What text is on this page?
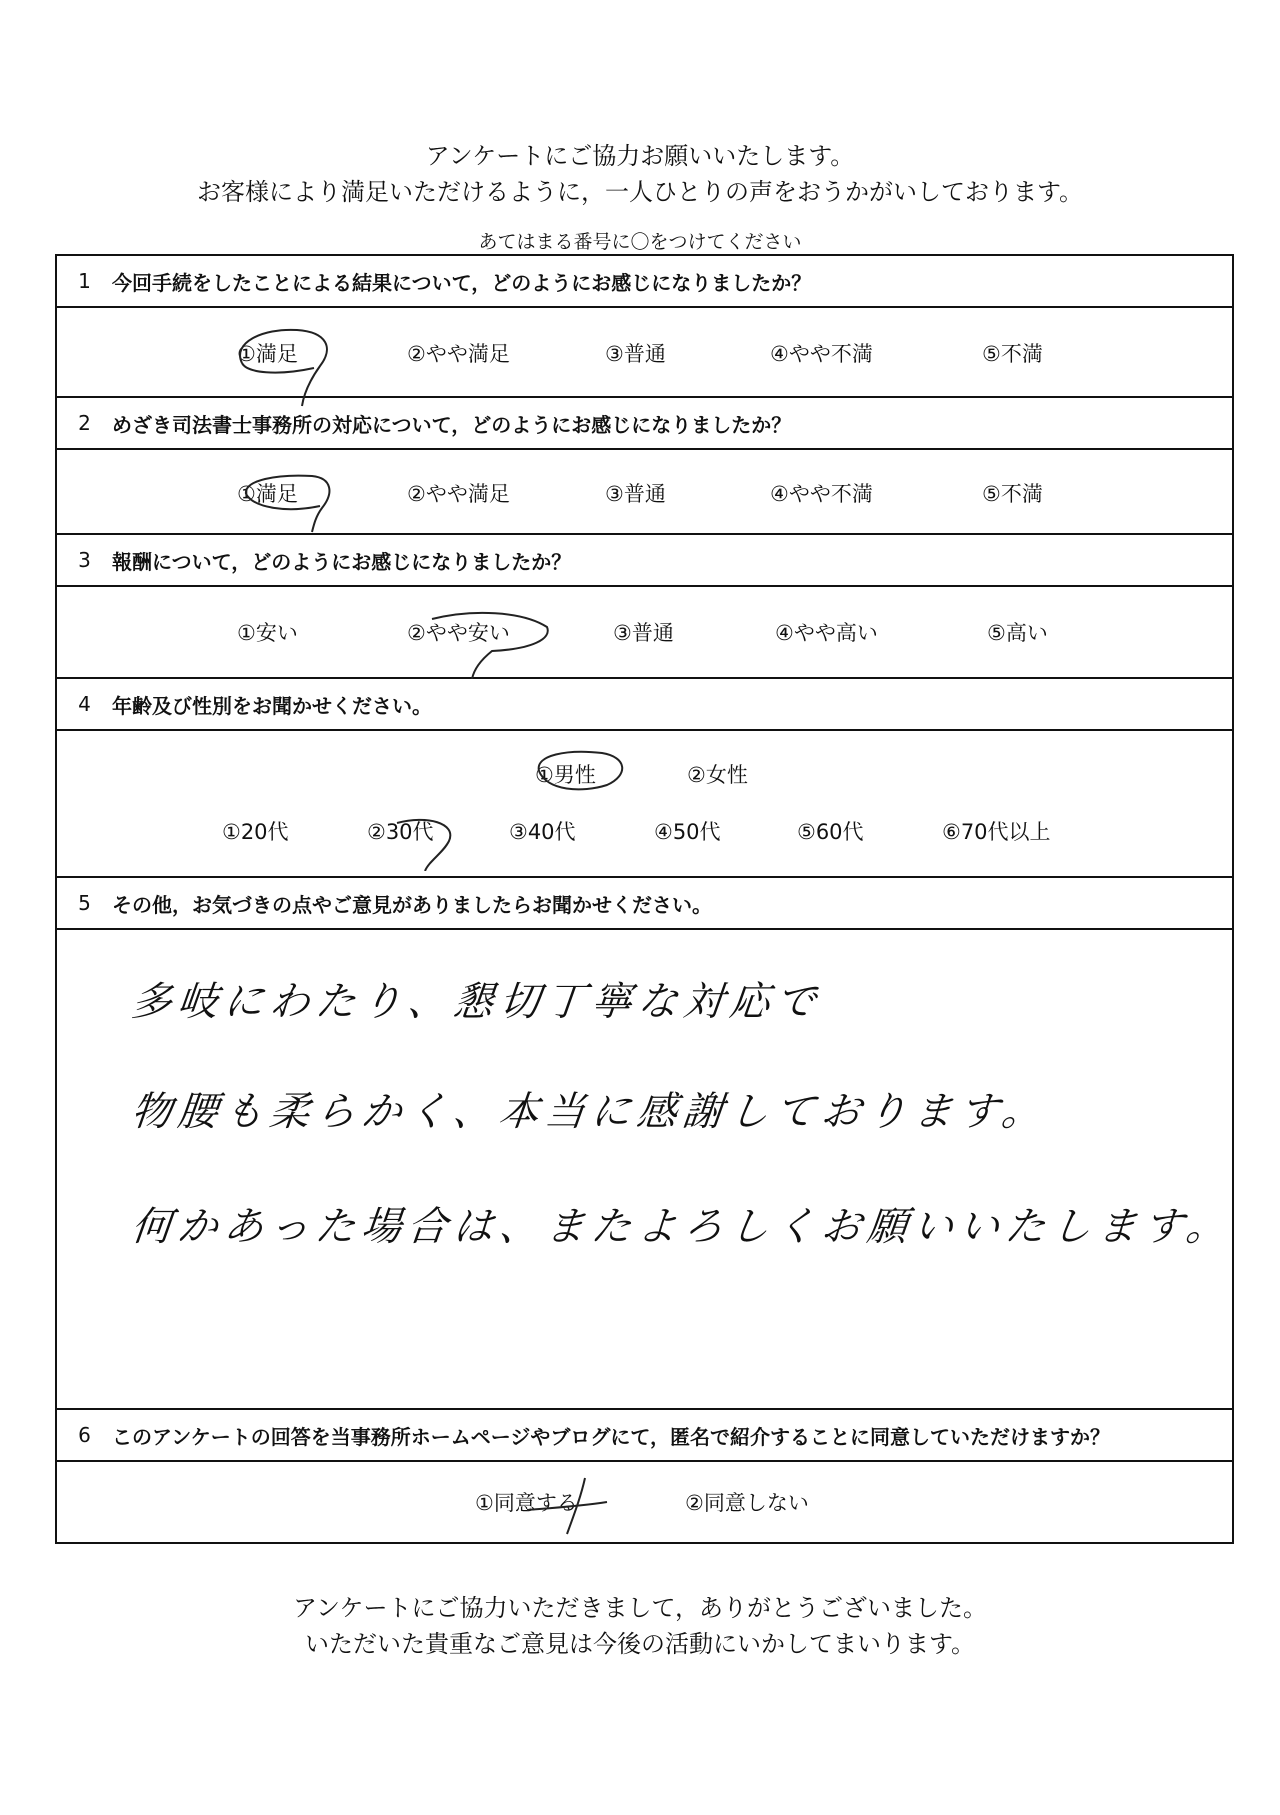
アンケートにご協力お願いいたします。
お客様により満足いただけるように，一人ひとりの声をおうかがいしております。
あてはまる番号に〇をつけてください
1	今回手続をしたことによる結果について，どのようにお感じになりましたか？
①満足	②やや満足	③普通	④やや不満	⑤不満
2	めざき司法書士事務所の対応について，どのようにお感じになりましたか？
①満足	②やや満足	③普通	④やや不満	⑤不満
3	報酬について，どのようにお感じになりましたか？
①安い	②やや安い	③普通	④やや高い	⑤高い
4	年齢及び性別をお聞かせください。
①男性	②女性
①20代	②30代	③40代	④50代	⑤60代	⑥70代以上
5	その他，お気づきの点やご意見がありましたらお聞かせください。
多岐にわたり、懇切丁寧な対応で
物腰も柔らかく、本当に感謝しております。
何かあった場合は、またよろしくお願いいたします。
6	このアンケートの回答を当事務所ホームページやブログにて，匿名で紹介することに同意していただけますか？
①同意する	②同意しない
アンケートにご協力いただきまして，ありがとうございました。
いただいた貴重なご意見は今後の活動にいかしてまいります。
